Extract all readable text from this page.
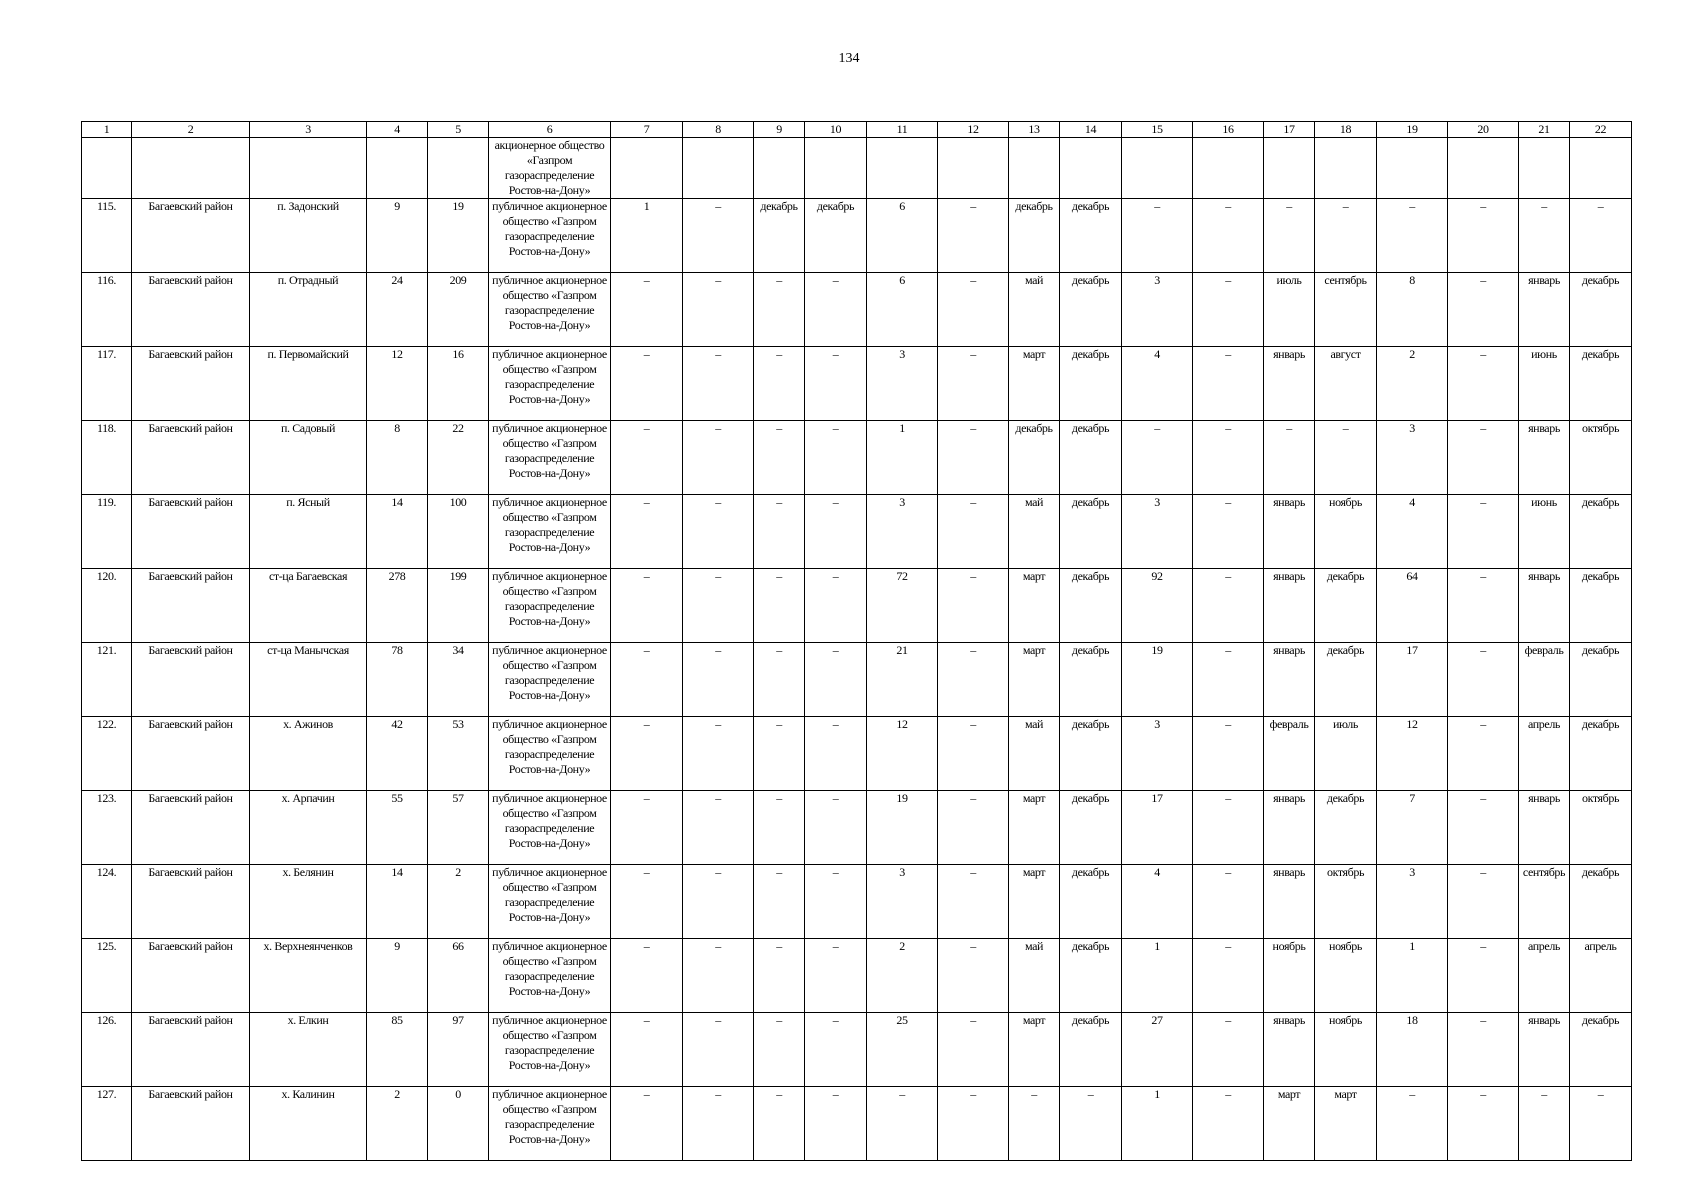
134
1	2	3	4	5	6	7	8	9	10	11	12	13	14	15	16	17	18	19	20	21	22
					акционерное общество «Газпром газораспределение Ростов-на-Дону»																
115.	Багаевский район	п. Задонский	9	19	публичное акционерное общество «Газпром газораспределение Ростов-на-Дону»	1	–	декабрь	декабрь	6	–	декабрь	декабрь	–	–	–	–	–	–	–	–
116.	Багаевский район	п. Отрадный	24	209	публичное акционерное общество «Газпром газораспределение Ростов-на-Дону»	–	–	–	–	6	–	май	декабрь	3	–	июль	сентябрь	8	–	январь	декабрь
117.	Багаевский район	п. Первомайский	12	16	публичное акционерное общество «Газпром газораспределение Ростов-на-Дону»	–	–	–	–	3	–	март	декабрь	4	–	январь	август	2	–	июнь	декабрь
118.	Багаевский район	п. Садовый	8	22	публичное акционерное общество «Газпром газораспределение Ростов-на-Дону»	–	–	–	–	1	–	декабрь	декабрь	–	–	–	–	3	–	январь	октябрь
119.	Багаевский район	п. Ясный	14	100	публичное акционерное общество «Газпром газораспределение Ростов-на-Дону»	–	–	–	–	3	–	май	декабрь	3	–	январь	ноябрь	4	–	июнь	декабрь
120.	Багаевский район	ст-ца Багаевская	278	199	публичное акционерное общество «Газпром газораспределение Ростов-на-Дону»	–	–	–	–	72	–	март	декабрь	92	–	январь	декабрь	64	–	январь	декабрь
121.	Багаевский район	ст-ца Манычская	78	34	публичное акционерное общество «Газпром газораспределение Ростов-на-Дону»	–	–	–	–	21	–	март	декабрь	19	–	январь	декабрь	17	–	февраль	декабрь
122.	Багаевский район	х. Ажинов	42	53	публичное акционерное общество «Газпром газораспределение Ростов-на-Дону»	–	–	–	–	12	–	май	декабрь	3	–	февраль	июль	12	–	апрель	декабрь
123.	Багаевский район	х. Арпачин	55	57	публичное акционерное общество «Газпром газораспределение Ростов-на-Дону»	–	–	–	–	19	–	март	декабрь	17	–	январь	декабрь	7	–	январь	октябрь
124.	Багаевский район	х. Белянин	14	2	публичное акционерное общество «Газпром газораспределение Ростов-на-Дону»	–	–	–	–	3	–	март	декабрь	4	–	январь	октябрь	3	–	сентябрь	декабрь
125.	Багаевский район	х. Верхнеянченков	9	66	публичное акционерное общество «Газпром газораспределение Ростов-на-Дону»	–	–	–	–	2	–	май	декабрь	1	–	ноябрь	ноябрь	1	–	апрель	апрель
126.	Багаевский район	х. Елкин	85	97	публичное акционерное общество «Газпром газораспределение Ростов-на-Дону»	–	–	–	–	25	–	март	декабрь	27	–	январь	ноябрь	18	–	январь	декабрь
127.	Багаевский район	х. Калинин	2	0	публичное акционерное общество «Газпром газораспределение Ростов-на-Дону»	–	–	–	–	–	–	–	–	1	–	март	март	–	–	–	–
